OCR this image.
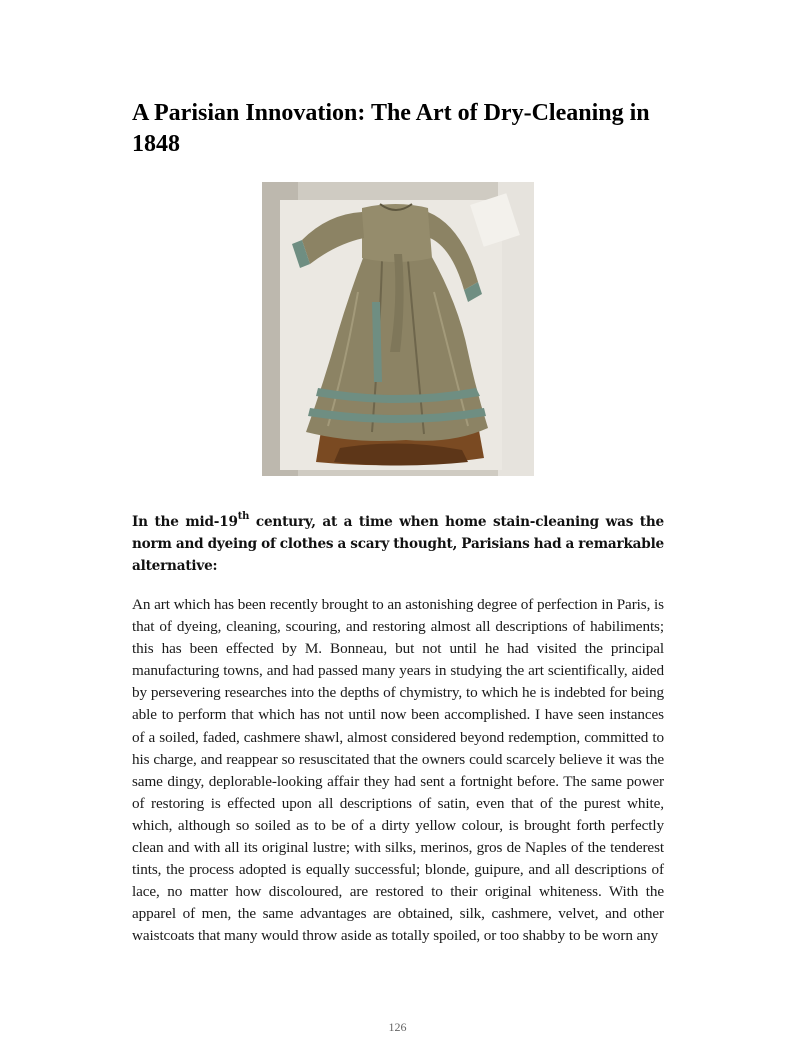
A Parisian Innovation: The Art of Dry-Cleaning in 1848

In the mid-19th century, at a time when home stain-cleaning was the norm and dyeing of clothes a scary thought, Parisians had a remarkable alternative:

An art which has been recently brought to an astonishing degree of perfection in Paris, is that of dyeing, cleaning, scouring, and restoring almost all descriptions of habiliments; this has been effected by M. Bonneau, but not until he had visited the principal manufacturing towns, and had passed many years in studying the art scientifically, aided by persevering researches into the depths of chymistry, to which he is indebted for being able to perform that which has not until now been accomplished. I have seen instances of a soiled, faded, cashmere shawl, almost considered beyond redemption, committed to his charge, and reappear so resuscitated that the owners could scarcely believe it was the same dingy, deplorable-looking affair they had sent a fortnight before. The same power of restoring is effected upon all descriptions of satin, even that of the purest white, which, although so soiled as to be of a dirty yellow colour, is brought forth perfectly clean and with all its original lustre; with silks, merinos, gros de Naples of the tenderest tints, the process adopted is equally successful; blonde, guipure, and all descriptions of lace, no matter how discoloured, are restored to their original whiteness. With the apparel of men, the same advantages are obtained, silk, cashmere, velvet, and other waistcoats that many would throw aside as totally spoiled, or too shabby to be worn any

126
